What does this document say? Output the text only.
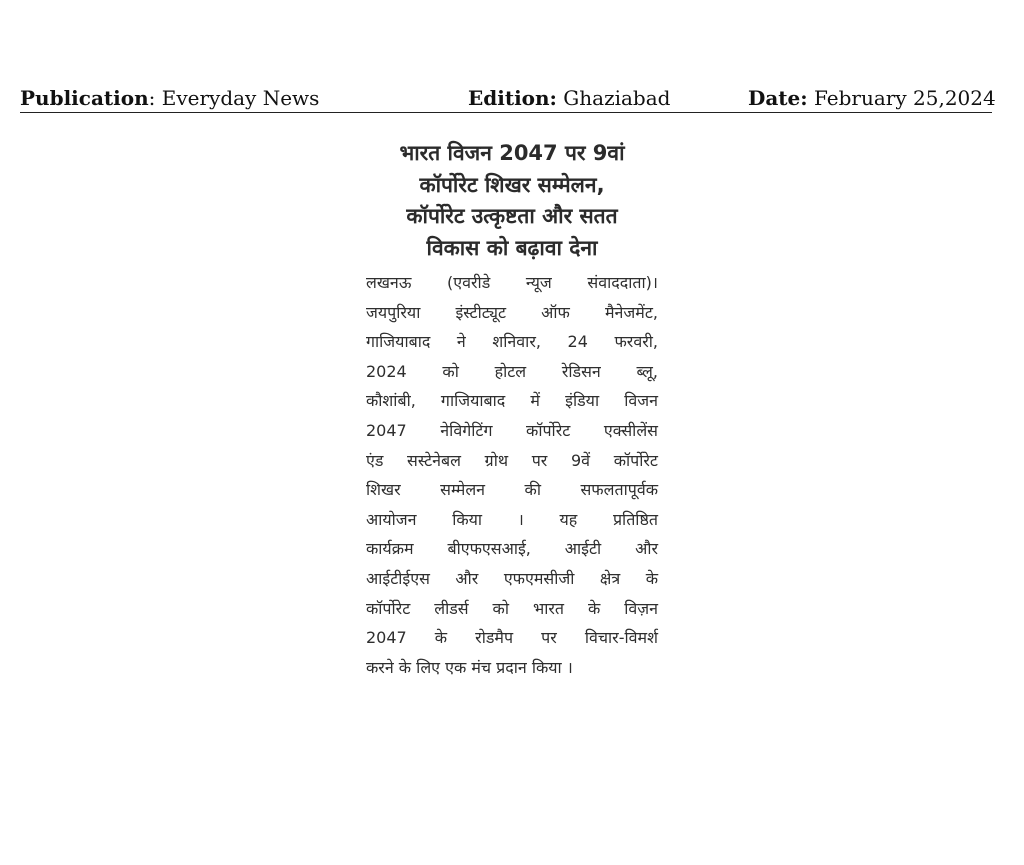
Publication: Everyday News	Edition: Ghaziabad	Date: February 25,2024
भारत विजन 2047 पर 9वां
कॉर्पोरेट शिखर सम्मेलन,
कॉर्पोरेट उत्कृष्टता और सतत
विकास को बढ़ावा देना
लखनऊ (एवरीडे न्यूज संवाददाता)।
जयपुरिया इंस्टीट्यूट ऑफ मैनेजमेंट,
गाजियाबाद ने शनिवार, 24 फरवरी,
2024 को होटल रेडिसन ब्लू,
कौशांबी, गाजियाबाद में इंडिया विजन
2047 नेविगेटिंग कॉर्पोरेट एक्सीलेंस
एंड सस्टेनेबल ग्रोथ पर 9वें कॉर्पोरेट
शिखर सम्मेलन की सफलतापूर्वक
आयोजन किया । यह प्रतिष्ठित
कार्यक्रम बीएफएसआई, आईटी और
आईटीईएस और एफएमसीजी क्षेत्र के
कॉर्पोरेट लीडर्स को भारत के विज़न
2047 के रोडमैप पर विचार-विमर्श
करने के लिए एक मंच प्रदान किया ।
